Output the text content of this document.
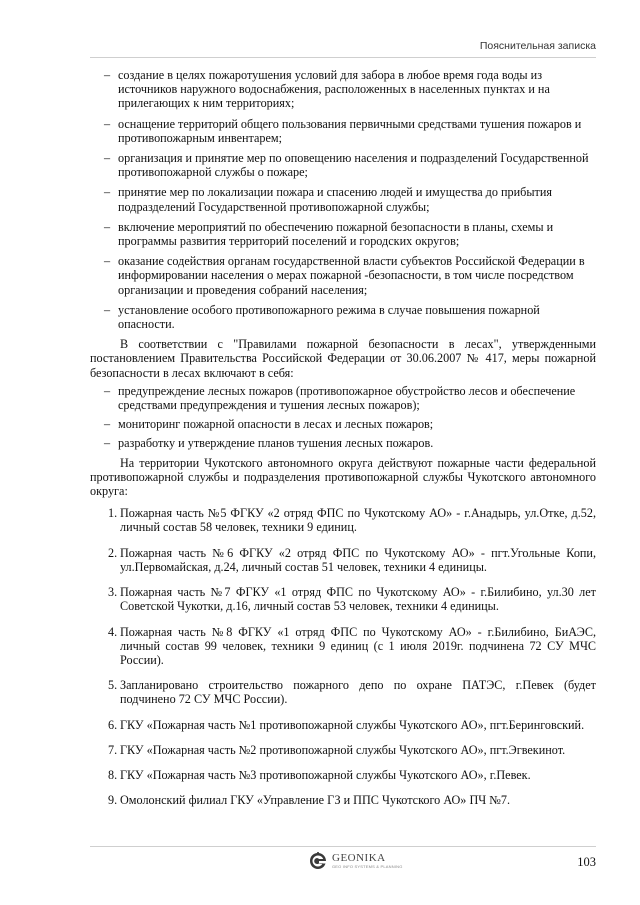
Пояснительная записка
– создание в целях пожаротушения условий для забора в любое время года воды из источников наружного водоснабжения, расположенных в населенных пунктах и на прилегающих к ним территориях;
– оснащение территорий общего пользования первичными средствами тушения пожаров и противопожарным инвентарем;
– организация и принятие мер по оповещению населения и подразделений Государственной противопожарной службы о пожаре;
– принятие мер по локализации пожара и спасению людей и имущества до прибытия подразделений Государственной противопожарной службы;
– включение мероприятий по обеспечению пожарной безопасности в планы, схемы и программы развития территорий поселений и городских округов;
– оказание содействия органам государственной власти субъектов Российской Федерации в информировании населения о мерах пожарной -безопасности, в том числе посредством организации и проведения собраний населения;
– установление особого противопожарного режима в случае повышения пожарной опасности.

В соответствии с "Правилами пожарной безопасности в лесах", утвержденными постановлением Правительства Российской Федерации от 30.06.2007 № 417, меры пожарной безопасности в лесах включают в себя:

– предупреждение лесных пожаров (противопожарное обустройство лесов и обеспечение средствами предупреждения и тушения лесных пожаров);
– мониторинг пожарной опасности в лесах и лесных пожаров;
– разработку и утверждение планов тушения лесных пожаров.

На территории Чукотского автономного округа действуют пожарные части федеральной противопожарной службы и подразделения противопожарной службы Чукотского автономного округа:

1. Пожарная часть №5 ФГКУ «2 отряд ФПС по Чукотскому АО» - г.Анадырь, ул.Отке, д.52, личный состав 58 человек, техники 9 единиц.
2. Пожарная часть №6 ФГКУ «2 отряд ФПС по Чукотскому АО» - пгт.Угольные Копи, ул.Первомайская, д.24, личный состав 51 человек, техники 4 единицы.
3. Пожарная часть №7 ФГКУ «1 отряд ФПС по Чукотскому АО» - г.Билибино, ул.30 лет Советской Чукотки, д.16, личный состав 53 человек, техники 4 единицы.
4. Пожарная часть №8 ФГКУ «1 отряд ФПС по Чукотскому АО» - г.Билибино, БиАЭС, личный состав 99 человек, техники 9 единиц (с 1 июля 2019г. подчинена 72 СУ МЧС России).
5. Запланировано строительство пожарного депо по охране ПАТЭС, г.Певек (будет подчинено 72 СУ МЧС России).
6. ГКУ «Пожарная часть №1 противопожарной службы Чукотского АО», пгт.Беринговский.
7. ГКУ «Пожарная часть №2 противопожарной службы Чукотского АО», пгт.Эгвекинот.
8. ГКУ «Пожарная часть №3 противопожарной службы Чукотского АО», г.Певек.
9. Омолонский филиал ГКУ «Управление ГЗ и ППС Чукотского АО» ПЧ №7.
GEONIKA
GEO INFO SYSTEMS & PLANNING	103
